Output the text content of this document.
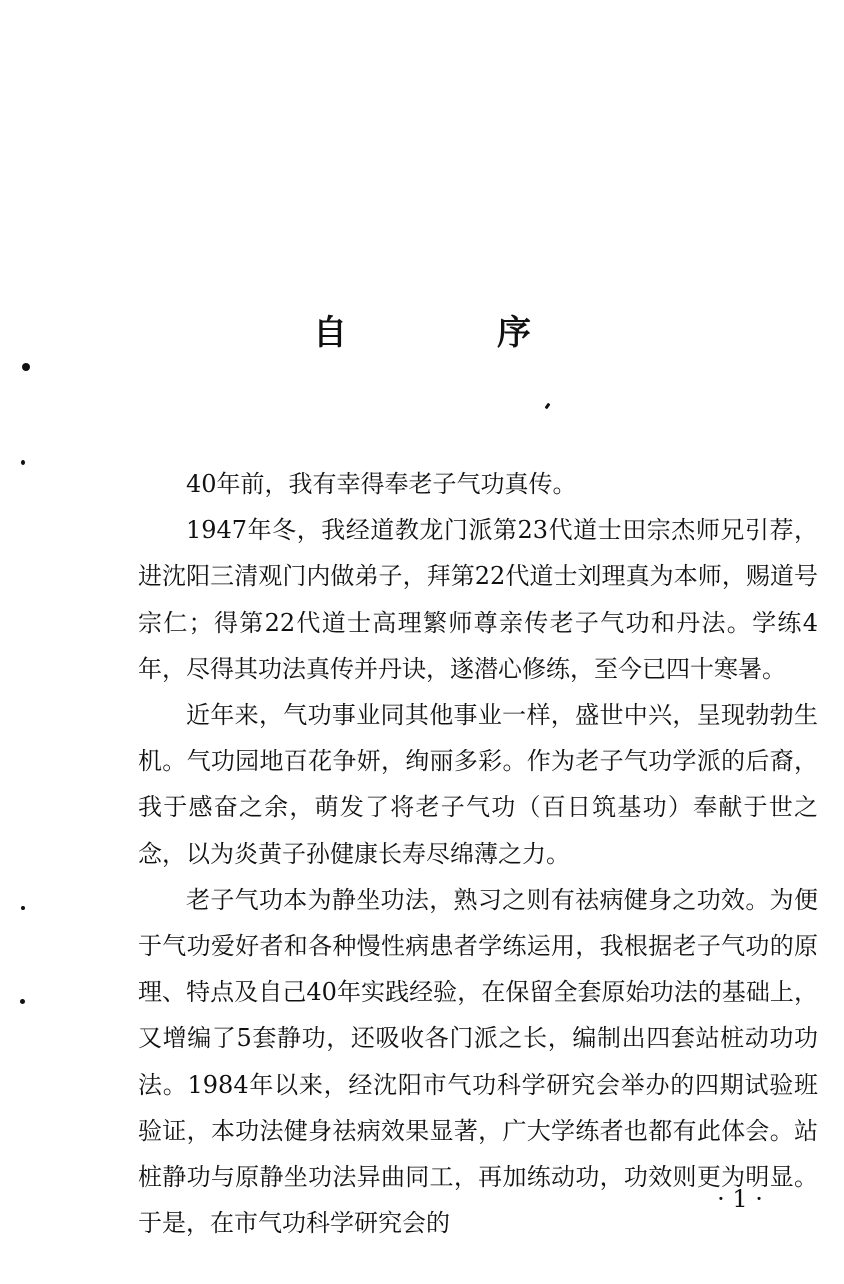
自　序

40年前，我有幸得奉老子气功真传。

1947年冬，我经道教龙门派第23代道士田宗杰师兄引荐，进沈阳三清观门内做弟子，拜第22代道士刘理真为本师，赐道号宗仁；得第22代道士高理繁师尊亲传老子气功和丹法。学练4年，尽得其功法真传并丹诀，遂潜心修练，至今已四十寒暑。

近年来，气功事业同其他事业一样，盛世中兴，呈现勃勃生机。气功园地百花争妍，绚丽多彩。作为老子气功学派的后裔，我于感奋之余，萌发了将老子气功（百日筑基功）奉献于世之念，以为炎黄子孙健康长寿尽绵薄之力。

老子气功本为静坐功法，熟习之则有祛病健身之功效。为便于气功爱好者和各种慢性病患者学练运用，我根据老子气功的原理、特点及自己40年实践经验，在保留全套原始功法的基础上，又增编了5套静功，还吸收各门派之长，编制出四套站桩动功功法。1984年以来，经沈阳市气功科学研究会举办的四期试验班验证，本功法健身祛病效果显著，广大学练者也都有此体会。站桩静功与原静坐功法异曲同工，再加练动功，功效则更为明显。于是，在市气功科学研究会的

· 1 ·
